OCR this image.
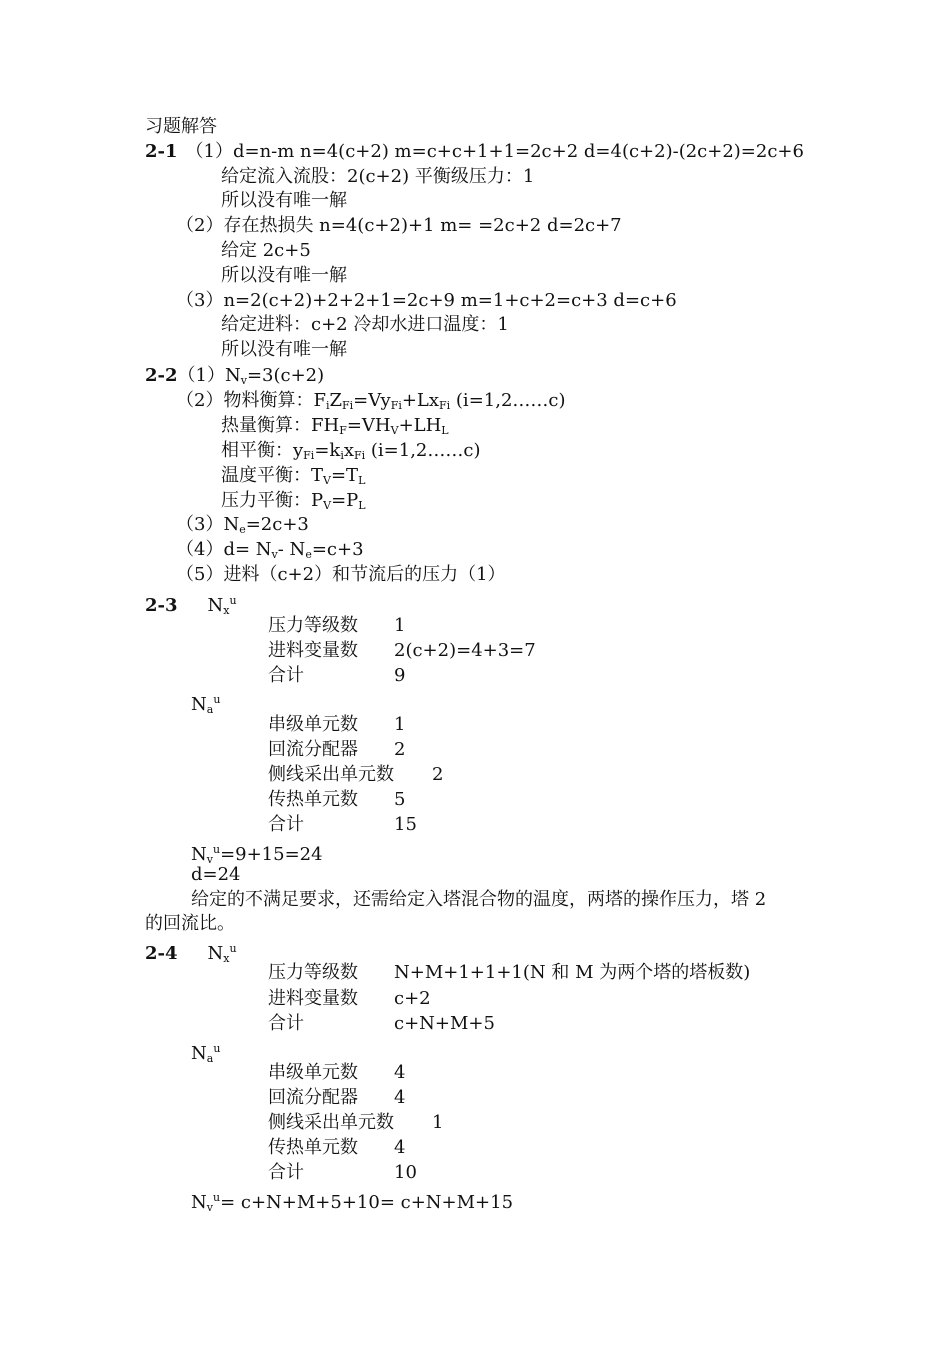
习题解答
2-1 （1）d=n-m n=4(c+2) m=c+c+1+1=2c+2 d=4(c+2)-(2c+2)=2c+6
给定流入流股：2(c+2) 平衡级压力：1
所以没有唯一解
（2）存在热损失 n=4(c+2)+1 m= =2c+2 d=2c+7
给定 2c+5
所以没有唯一解
（3）n=2(c+2)+2+2+1=2c+9 m=1+c+2=c+3 d=c+6
给定进料：c+2 冷却水进口温度：1
所以没有唯一解
$2-2(1)N_v=3(c+2)$
（2）物料衡算：$F_iZ_{Fi}=Vy_{Fi}+Lx_{Fi}$ (i=1,2……c)
热量衡算：$FH_F=VH_V+LH_L$
相平衡：$y_{Fi}=k_ix_{Fi}$ (i=1,2……c)
温度平衡：$T_V=T_L$
压力平衡：$P_V=P_L$
$(3)N_e=2c+3$
$(4)d= N_v-$ $N_e=c+3$
（5）进料（c+2）和节流后的压力（1）
2-3 $N_x^u$
压力等级数 1
进料变量数 2(c+2)=4+3=7
合计	9
$N_a^u$
串级单元数 1
回流分配器 2
侧线采出单元数 2
传热单元数 5
合计	15
$N_v^u=9+15=24$
d=24
给定的不满足要求，还需给定入塔混合物的温度，两塔的操作压力，塔 2
的回流比。
2-4 $N_x^u$
压力等级数 N+M+1+1+1(N 和 M 为两个塔的塔板数)
进料变量数 c+2
合计	c+N+M+5
$N_a^u$
串级单元数 4
回流分配器 4
侧线采出单元数 1
传热单元数 4
合计	10
$N_v^u= c+N+M+5+10= c+N+M+15$
